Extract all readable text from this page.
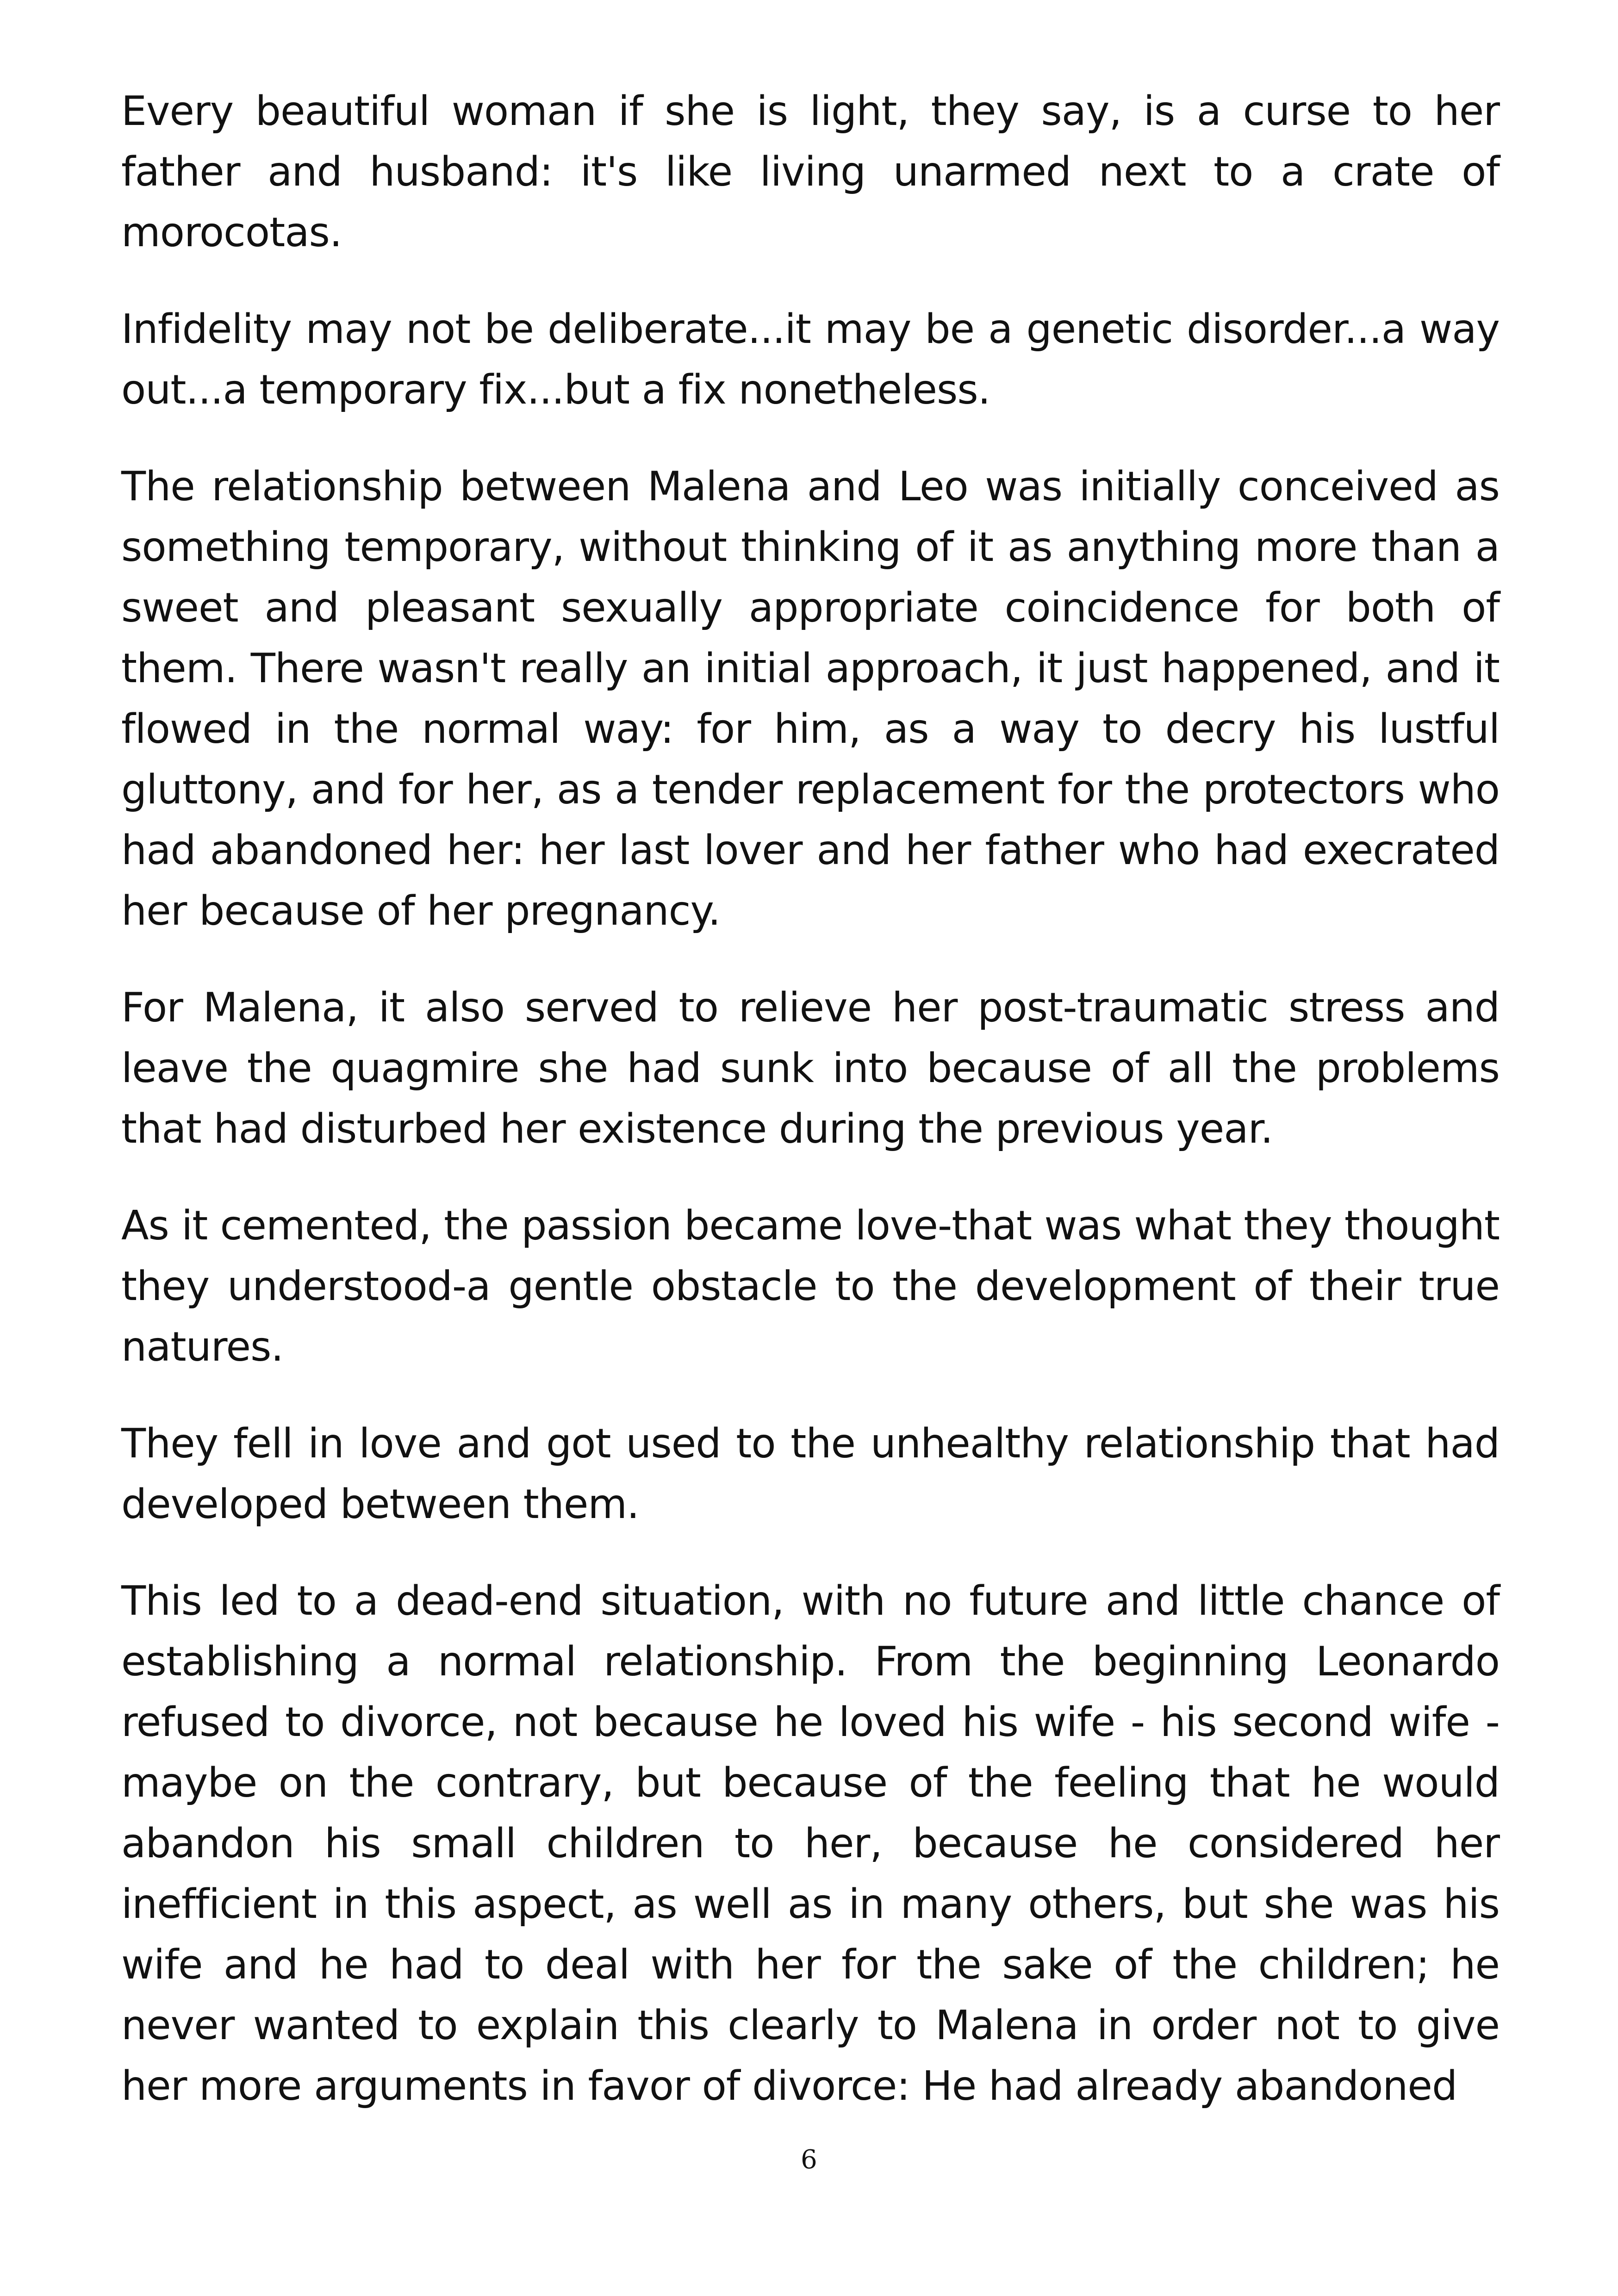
Every beautiful woman if she is light, they say, is a curse to her father and husband: it's like living unarmed next to a crate of morocotas.

Infidelity may not be deliberate...it may be a genetic disorder...a way out...a temporary fix...but a fix nonetheless.

The relationship between Malena and Leo was initially conceived as something temporary, without thinking of it as anything more than a sweet and pleasant sexually appropriate coincidence for both of them. There wasn't really an initial approach, it just happened, and it flowed in the normal way: for him, as a way to decry his lustful gluttony, and for her, as a tender replacement for the protectors who had abandoned her: her last lover and her father who had execrated her because of her pregnancy.

For Malena, it also served to relieve her post-traumatic stress and leave the quagmire she had sunk into because of all the problems that had disturbed her existence during the previous year.

As it cemented, the passion became love-that was what they thought they understood-a gentle obstacle to the development of their true natures.

They fell in love and got used to the unhealthy relationship that had developed between them.

This led to a dead-end situation, with no future and little chance of establishing a normal relationship. From the beginning Leonardo refused to divorce, not because he loved his wife - his second wife - maybe on the contrary, but because of the feeling that he would abandon his small children to her, because he considered her inefficient in this aspect, as well as in many others, but she was his wife and he had to deal with her for the sake of the children; he never wanted to explain this clearly to Malena in order not to give her more arguments in favor of divorce: He had already abandoned

6
